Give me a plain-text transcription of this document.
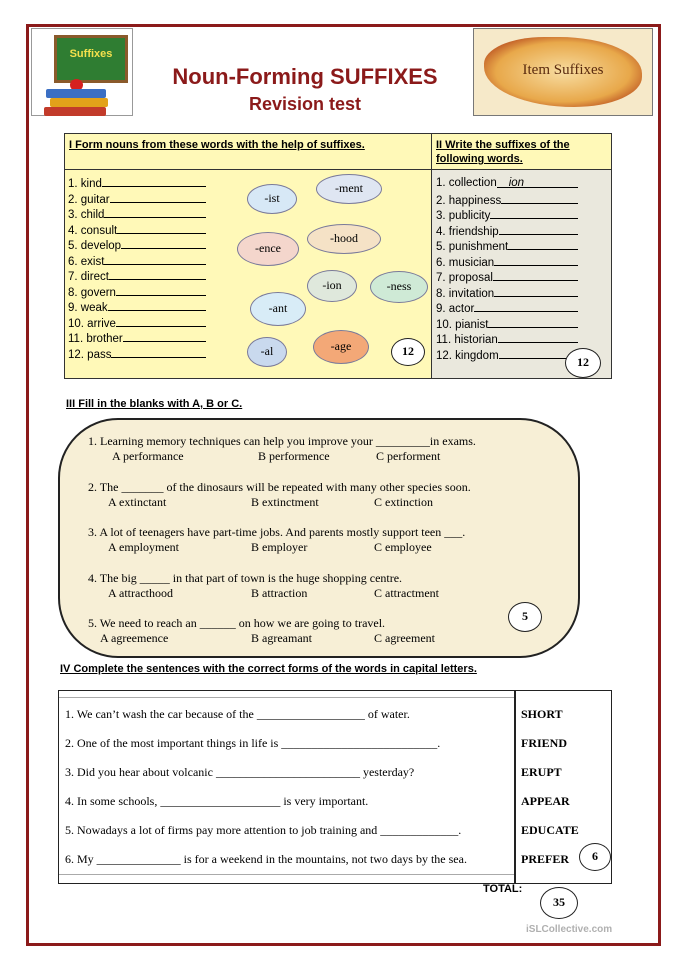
Suffixes
Noun-Forming SUFFIXES
Revision test
Item Suffixes
I Form nouns from these words with the help of suffixes.
1. kind
2. guitar
3. child
4. consult
5. develop
6. exist
7. direct
8. govern
9. weak
10. arrive
11. brother
12. pass
-ment
-ist
-hood
-ence
-ion	-ness
-ant
-age
-al	12
II Write the suffixes of the following words.
1. collection ion
2. happiness
3. publicity
4. friendship
5. punishment
6. musician
7. proposal
8. invitation
9. actor
10. pianist
11. historian
12. kingdom	12
III Fill in the blanks with A, B or C.
1. Learning memory techniques can help you improve your _________in exams.
A performance	B performence	C performent
2. The _______ of the dinosaurs will be repeated with many other species soon.
A extinctant	B extinctment	C extinction
3. A lot of teenagers have part-time jobs. And parents mostly support teen ___.
A employment	B employer	C employee
4. The big _____ in that part of town is the huge shopping centre.
A attracthood	B attraction	C attractment
5. We need to reach an ______ on how we are going to travel.
A agreemence	B agreamant	C agreement
5
IV Complete the sentences with the correct forms of the words in capital letters.
1. We can’t wash the car because of the __________________ of water.	SHORT
2. One of the most important things in life is __________________________.	FRIEND
3. Did you hear about volcanic ________________________ yesterday?	ERUPT
4. In some schools, ____________________ is very important.	APPEAR
5. Nowadays a lot of firms pay more attention to job training and _____________.	EDUCATE
6. My ______________ is for a weekend in the mountains, not two days by the sea.	PREFER	6
TOTAL:
35
iSLCollective.com
